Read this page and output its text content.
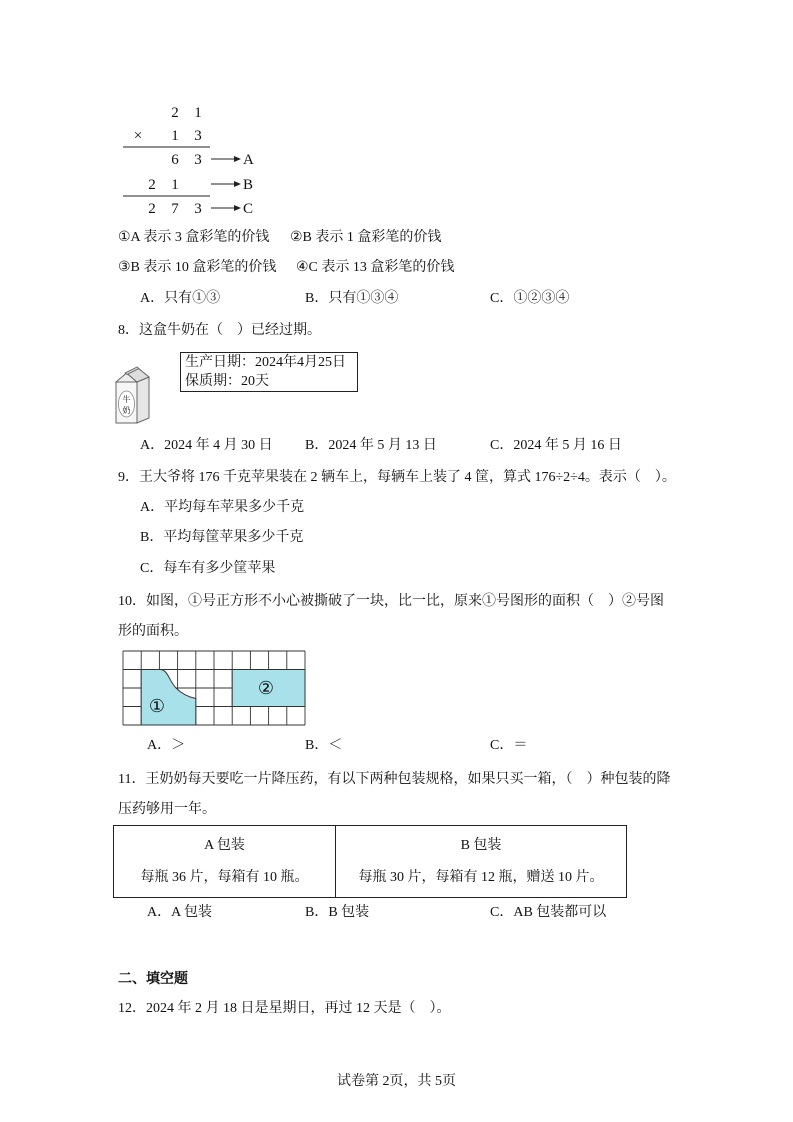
2 1
× 1 3
6 3	A
2 1	B
2 7 3	C
①A 表示 3 盒彩笔的价钱 ②B 表示 1 盒彩笔的价钱
③B 表示 10 盒彩笔的价钱 ④C 表示 13 盒彩笔的价钱
A．只有①③	B．只有①③④	C．①②③④
8．这盒牛奶在（　）已经过期。
牛
奶
生产日期：2024年4月25日
保质期：20天
A．2024 年 4 月 30 日 B．2024 年 5 月 13 日	C．2024 年 5 月 16 日
9．王大爷将 176 千克苹果装在 2 辆车上，每辆车上装了 4 筐，算式 176÷2÷4。表示（　）。
A．平均每车苹果多少千克
B．平均每筐苹果多少千克
C．每车有多少筐苹果
10．如图，①号正方形不小心被撕破了一块，比一比，原来①号图形的面积（　）②号图
形的面积。
①
②
A．＞	B．＜	C．＝
11．王奶奶每天要吃一片降压药，有以下两种包装规格，如果只买一箱，（　）种包装的降
压药够用一年。
A 包装
每瓶 36 片，每箱有 10 瓶。
B 包装
每瓶 30 片，每箱有 12 瓶，赠送 10 片。
A．A 包装	B．B 包装	C．AB 包装都可以
二、填空题
12．2024 年 2 月 18 日是星期日，再过 12 天是（　）。
试卷第 2页，共 5页
